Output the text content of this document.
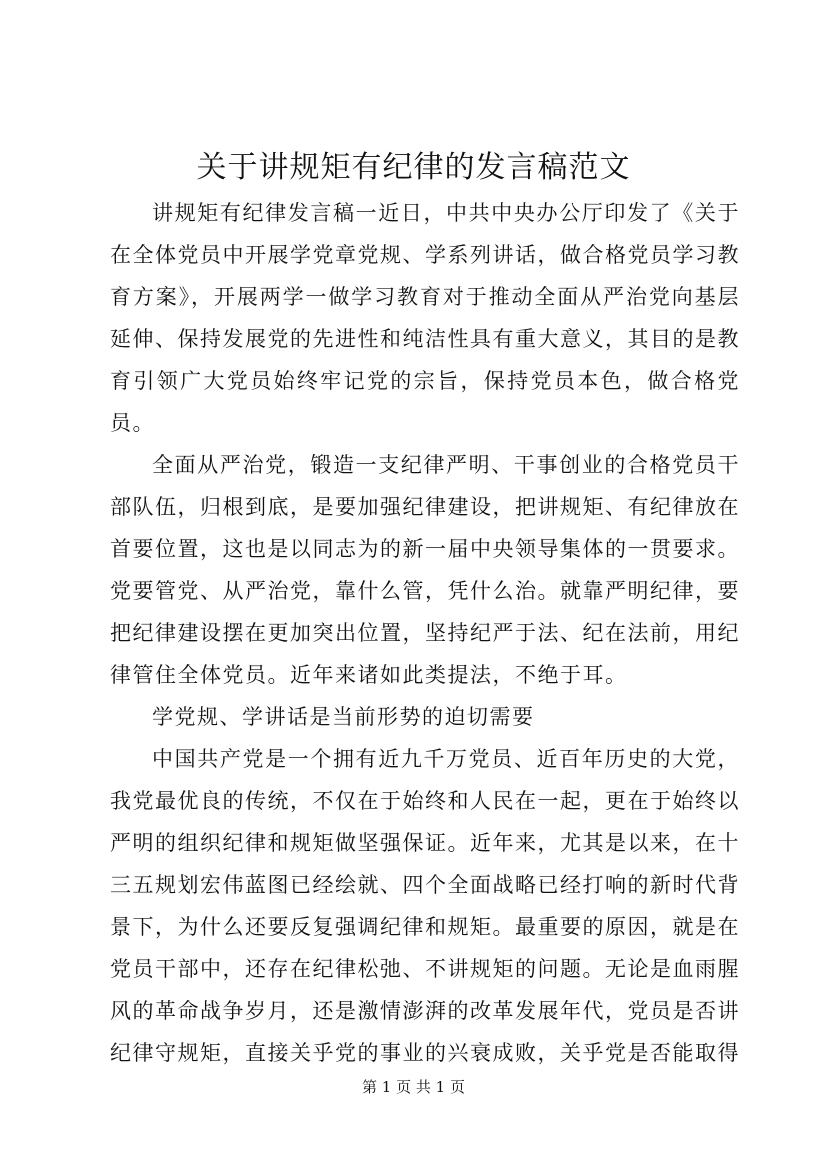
关于讲规矩有纪律的发言稿范文

讲规矩有纪律发言稿一近日，中共中央办公厅印发了《关于在全体党员中开展学党章党规、学系列讲话，做合格党员学习教育方案》，开展两学一做学习教育对于推动全面从严治党向基层延伸、保持发展党的先进性和纯洁性具有重大意义，其目的是教育引领广大党员始终牢记党的宗旨，保持党员本色，做合格党员。

全面从严治党，锻造一支纪律严明、干事创业的合格党员干部队伍，归根到底，是要加强纪律建设，把讲规矩、有纪律放在首要位置，这也是以同志为的新一届中央领导集体的一贯要求。党要管党、从严治党，靠什么管，凭什么治。就靠严明纪律，要把纪律建设摆在更加突出位置，坚持纪严于法、纪在法前，用纪律管住全体党员。近年来诸如此类提法，不绝于耳。

学党规、学讲话是当前形势的迫切需要

中国共产党是一个拥有近九千万党员、近百年历史的大党，我党最优良的传统，不仅在于始终和人民在一起，更在于始终以严明的组织纪律和规矩做坚强保证。近年来，尤其是以来，在十三五规划宏伟蓝图已经绘就、四个全面战略已经打响的新时代背景下，为什么还要反复强调纪律和规矩。最重要的原因，就是在党员干部中，还存在纪律松弛、不讲规矩的问题。无论是血雨腥风的革命战争岁月，还是激情澎湃的改革发展年代，党员是否讲纪律守规矩，直接关乎党的事业的兴衰成败，关乎党是否能取得

第 1 页 共 1 页
